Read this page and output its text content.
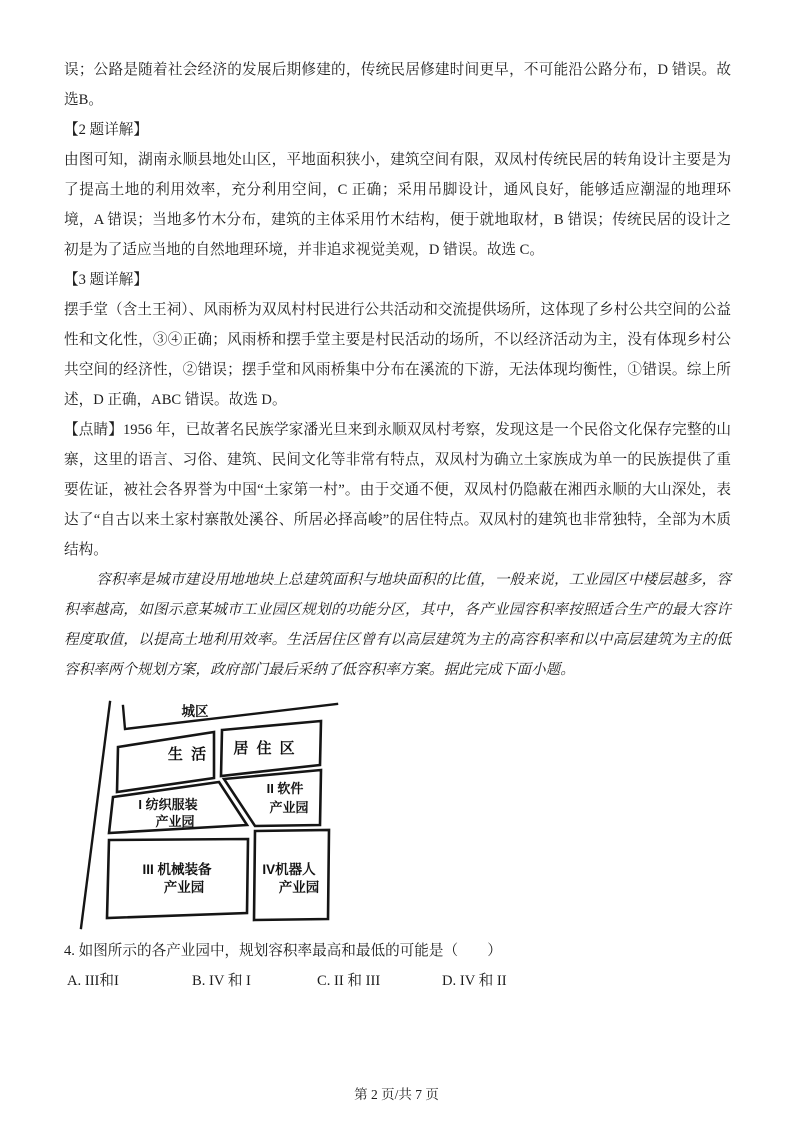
误；公路是随着社会经济的发展后期修建的，传统民居修建时间更早，不可能沿公路分布，D 错误。故选B。

【2 题详解】

由图可知，湖南永顺县地处山区，平地面积狭小，建筑空间有限，双凤村传统民居的转角设计主要是为了提高土地的利用效率，充分利用空间，C 正确；采用吊脚设计，通风良好，能够适应潮湿的地理环境，A 错误；当地多竹木分布，建筑的主体采用竹木结构，便于就地取材，B 错误；传统民居的设计之初是为了适应当地的自然地理环境，并非追求视觉美观，D 错误。故选 C。

【3 题详解】

摆手堂（含土王祠）、风雨桥为双凤村村民进行公共活动和交流提供场所，这体现了乡村公共空间的公益性和文化性，③④正确；风雨桥和摆手堂主要是村民活动的场所，不以经济活动为主，没有体现乡村公共空间的经济性，②错误；摆手堂和风雨桥集中分布在溪流的下游，无法体现均衡性，①错误。综上所述，D 正确，ABC 错误。故选 D。

【点睛】1956 年，已故著名民族学家潘光旦来到永顺双凤村考察，发现这是一个民俗文化保存完整的山寨，这里的语言、习俗、建筑、民间文化等非常有特点，双凤村为确立土家族成为单一的民族提供了重要佐证，被社会各界誉为中国“土家第一村”。由于交通不便，双凤村仍隐蔽在湘西永顺的大山深处，表达了“自古以来土家村寨散处溪谷、所居必择高峻”的居住特点。双凤村的建筑也非常独特，全部为木质结构。

容积率是城市建设用地地块上总建筑面积与地块面积的比值，一般来说，工业园区中楼层越多，容积率越高，如图示意某城市工业园区规划的功能分区，其中，各产业园容积率按照适合生产的最大容许程度取值，以提高土地利用效率。生活居住区曾有以高层建筑为主的高容积率和以中高层建筑为主的低容积率两个规划方案，政府部门最后采纳了低容积率方案。据此完成下面小题。

城区
生 活 居 住 区
I 纺织服装
产业园
II 软件
产业园
III 机械装备
产业园
IV机器人
产业园

4. 如图所示的各产业园中，规划容积率最高和最低的可能是（　　）

A. III和I	B. IV 和 I	C. II 和 III	D. IV 和 II
第 2 页/共 7 页
